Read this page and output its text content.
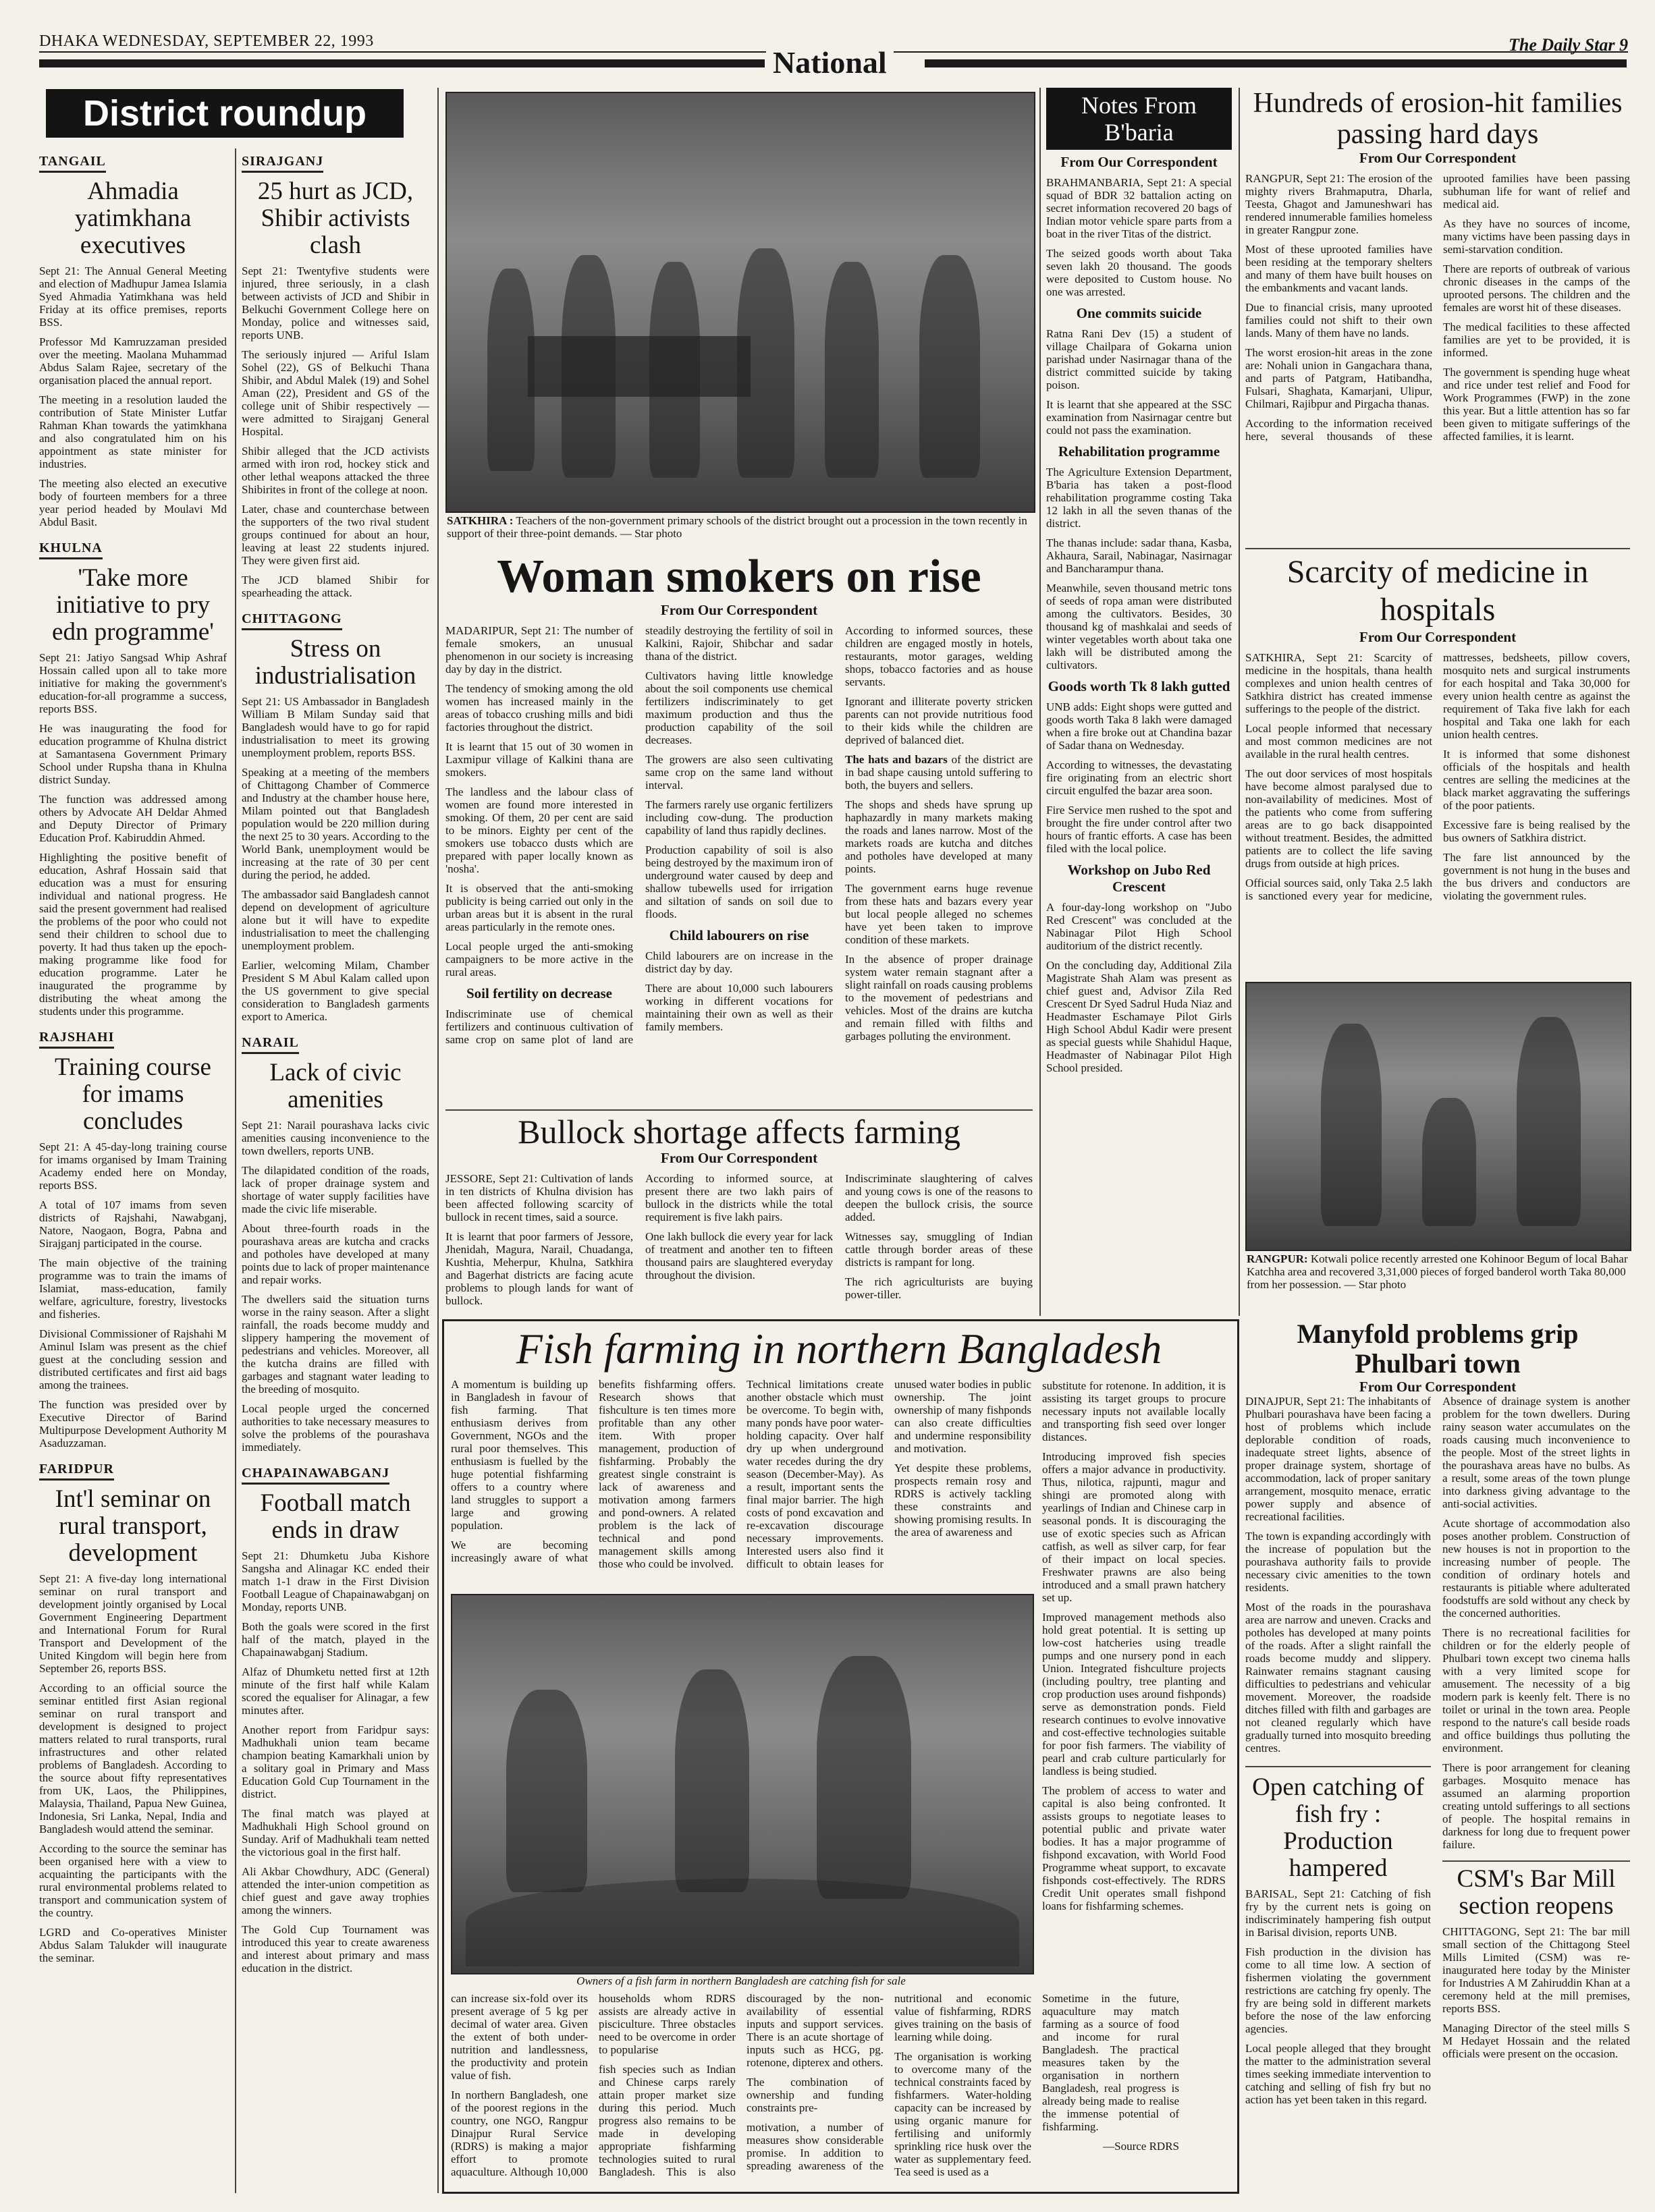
DHAKA WEDNESDAY, SEPTEMBER 22, 1993
National
The Daily Star 9
District roundup
TANGAIL
Ahmadia yatimkhana executives

Sept 21: The Annual General Meeting and election of Madhupur Jamea Islamia Syed Ahmadia Yatimkhana was held Friday at its office premises, reports BSS.

Professor Md Kamruzzaman presided over the meeting. Maolana Muhammad Abdus Salam Rajee, secretary of the organisation placed the annual report.

The meeting in a resolution lauded the contribution of State Minister Lutfar Rahman Khan towards the yatimkhana and also congratulated him on his appointment as state minister for industries.

The meeting also elected an executive body of fourteen members for a three year period headed by Moulavi Md Abdul Basit.

KHULNA
'Take more initiative to pry edn programme'

Sept 21: Jatiyo Sangsad Whip Ashraf Hossain called upon all to take more initiative for making the government's education-for-all programme a success, reports BSS.

He was inaugurating the food for education programme of Khulna district at Samantasena Government Primary School under Rupsha thana in Khulna district Sunday.

The function was addressed among others by Advocate AH Deldar Ahmed and Deputy Director of Primary Education Prof. Kabiruddin Ahmed.

Highlighting the positive benefit of education, Ashraf Hossain said that education was a must for ensuring individual and national progress. He said the present government had realised the problems of the poor who could not send their children to school due to poverty. It had thus taken up the epoch-making programme like food for education programme. Later he inaugurated the programme by distributing the wheat among the students under this programme.

RAJSHAHI
Training course for imams concludes

Sept 21: A 45-day-long training course for imams organised by Imam Training Academy ended here on Monday, reports BSS.

A total of 107 imams from seven districts of Rajshahi, Nawabganj, Natore, Naogaon, Bogra, Pabna and Sirajganj participated in the course.

The main objective of the training programme was to train the imams of Islamiat, mass-education, family welfare, agriculture, forestry, livestocks and fisheries.

Divisional Commissioner of Rajshahi M Aminul Islam was present as the chief guest at the concluding session and distributed certificates and first aid bags among the trainees.

The function was presided over by Executive Director of Barind Multipurpose Development Authority M Asaduzzaman.

FARIDPUR
Int'l seminar on rural transport, development

Sept 21: A five-day long international seminar on rural transport and development jointly organised by Local Government Engineering Department and International Forum for Rural Transport and Development of the United Kingdom will begin here from September 26, reports BSS.

According to an official source the seminar entitled first Asian regional seminar on rural transport and development is designed to project matters related to rural transports, rural infrastructures and other related problems of Bangladesh. According to the source about fifty representatives from UK, Laos, the Philippines, Malaysia, Thailand, Papua New Guinea, Indonesia, Sri Lanka, Nepal, India and Bangladesh would attend the seminar.

According to the source the seminar has been organised here with a view to acquainting the participants with the rural environmental problems related to transport and communication system of the country.

LGRD and Co-operatives Minister Abdus Salam Talukder will inaugurate the seminar.

SIRAJGANJ
25 hurt as JCD, Shibir activists clash

Sept 21: Twentyfive students were injured, three seriously, in a clash between activists of JCD and Shibir in Belkuchi Government College here on Monday, police and witnesses said, reports UNB.

The seriously injured — Ariful Islam Sohel (22), GS of Belkuchi Thana Shibir, and Abdul Malek (19) and Sohel Aman (22), President and GS of the college unit of Shibir respectively — were admitted to Sirajganj General Hospital.

Shibir alleged that the JCD activists armed with iron rod, hockey stick and other lethal weapons attacked the three Shibirites in front of the college at noon.

Later, chase and counterchase between the supporters of the two rival student groups continued for about an hour, leaving at least 22 students injured. They were given first aid.

The JCD blamed Shibir for spearheading the attack.

CHITTAGONG
Stress on industrialisation

Sept 21: US Ambassador in Bangladesh William B Milam Sunday said that Bangladesh would have to go for rapid industrialisation to meet its growing unemployment problem, reports BSS.

Speaking at a meeting of the members of Chittagong Chamber of Commerce and Industry at the chamber house here, Milam pointed out that Bangladesh population would be 220 million during the next 25 to 30 years. According to the World Bank, unemployment would be increasing at the rate of 30 per cent during the period, he added.

The ambassador said Bangladesh cannot depend on development of agriculture alone but it will have to expedite industrialisation to meet the challenging unemployment problem.

Earlier, welcoming Milam, Chamber President S M Abul Kalam called upon the US government to give special consideration to Bangladesh garments export to America.

NARAIL
Lack of civic amenities

Sept 21: Narail pourashava lacks civic amenities causing inconvenience to the town dwellers, reports UNB.

The dilapidated condition of the roads, lack of proper drainage system and shortage of water supply facilities have made the civic life miserable.

About three-fourth roads in the pourashava areas are kutcha and cracks and potholes have developed at many points due to lack of proper maintenance and repair works.

The dwellers said the situation turns worse in the rainy season. After a slight rainfall, the roads become muddy and slippery hampering the movement of pedestrians and vehicles. Moreover, all the kutcha drains are filled with garbages and stagnant water leading to the breeding of mosquito.

Local people urged the concerned authorities to take necessary measures to solve the problems of the pourashava immediately.

CHAPAINAWABGANJ
Football match ends in draw

Sept 21: Dhumketu Juba Kishore Sangsha and Alinagar KC ended their match 1-1 draw in the First Division Football League of Chapainawabganj on Monday, reports UNB.

Both the goals were scored in the first half of the match, played in the Chapainawabganj Stadium.

Alfaz of Dhumketu netted first at 12th minute of the first half while Kalam scored the equaliser for Alinagar, a few minutes after.

Another report from Faridpur says: Madhukhali union team became champion beating Kamarkhali union by a solitary goal in Primary and Mass Education Gold Cup Tournament in the district.

The final match was played at Madhukhali High School ground on Sunday. Arif of Madhukhali team netted the victorious goal in the first half.

Ali Akbar Chowdhury, ADC (General) attended the inter-union competition as chief guest and gave away trophies among the winners.

The Gold Cup Tournament was introduced this year to create awareness and interest about primary and mass education in the district.

SATKHIRA : Teachers of the non-government primary schools of the district brought out a procession in the town recently in support of their three-point demands. — Star photo
Woman smokers on rise
From Our Correspondent

MADARIPUR, Sept 21: The number of female smokers, an unusual phenomenon in our society is increasing day by day in the district.

The tendency of smoking among the old women has increased mainly in the areas of tobacco crushing mills and bidi factories throughout the district.

It is learnt that 15 out of 30 women in Laxmipur village of Kalkini thana are smokers.

The landless and the labour class of women are found more interested in smoking. Of them, 20 per cent are said to be minors. Eighty per cent of the smokers use tobacco dusts which are prepared with paper locally known as 'nosha'.

It is observed that the anti-smoking publicity is being carried out only in the urban areas but it is absent in the rural areas particularly in the remote ones.

Local people urged the anti-smoking campaigners to be more active in the rural areas.

Soil fertility on decrease

Indiscriminate use of chemical fertilizers and continuous cultivation of same crop on same plot of land are steadily destroying the fertility of soil in Kalkini, Rajoir, Shibchar and sadar thana of the district.

Cultivators having little knowledge about the soil components use chemical fertilizers indiscriminately to get maximum production and thus the production capability of the soil decreases.

The growers are also seen cultivating same crop on the same land without interval.

The farmers rarely use organic fertilizers including cow-dung. The production capability of land thus rapidly declines.

Production capability of soil is also being destroyed by the maximum iron of underground water caused by deep and shallow tubewells used for irrigation and siltation of sands on soil due to floods.

Child labourers on rise

Child labourers are on increase in the district day by day.

There are about 10,000 such labourers working in different vocations for maintaining their own as well as their family members.

According to informed sources, these children are engaged mostly in hotels, restaurants, motor garages, welding shops, tobacco factories and as house servants.

Ignorant and illiterate poverty stricken parents can not provide nutritious food to their kids while the children are deprived of balanced diet.

The hats and bazars of the district are in bad shape causing untold suffering to both, the buyers and sellers.

The shops and sheds have sprung up haphazardly in many markets making the roads and lanes narrow. Most of the markets roads are kutcha and ditches and potholes have developed at many points.

The government earns huge revenue from these hats and bazars every year but local people alleged no schemes have yet been taken to improve condition of these markets.

In the absence of proper drainage system water remain stagnant after a slight rainfall on roads causing problems to the movement of pedestrians and vehicles. Most of the drains are kutcha and remain filled with filths and garbages polluting the environment.

Bullock shortage affects farming
From Our Correspondent

JESSORE, Sept 21: Cultivation of lands in ten districts of Khulna division has been affected following scarcity of bullock in recent times, said a source.

It is learnt that poor farmers of Jessore, Jhenidah, Magura, Narail, Chuadanga, Kushtia, Meherpur, Khulna, Satkhira and Bagerhat districts are facing acute problems to plough lands for want of bullock.

According to informed source, at present there are two lakh pairs of bullock in the districts while the total requirement is five lakh pairs.

One lakh bullock die every year for lack of treatment and another ten to fifteen thousand pairs are slaughtered everyday throughout the division.

Indiscriminate slaughtering of calves and young cows is one of the reasons to deepen the bullock crisis, the source added.

Witnesses say, smuggling of Indian cattle through border areas of these districts is rampant for long.

The rich agriculturists are buying power-tiller.

Notes From B'baria
From Our Correspondent

BRAHMANBARIA, Sept 21: A special squad of BDR 32 battalion acting on secret information recovered 20 bags of Indian motor vehicle spare parts from a boat in the river Titas of the district.

The seized goods worth about Taka seven lakh 20 thousand. The goods were deposited to Custom house. No one was arrested.

One commits suicide

Ratna Rani Dev (15) a student of village Chailpara of Gokarna union parishad under Nasirnagar thana of the district committed suicide by taking poison.

It is learnt that she appeared at the SSC examination from Nasirnagar centre but could not pass the examination.

Rehabilitation programme

The Agriculture Extension Department, B'baria has taken a post-flood rehabilitation programme costing Taka 12 lakh in all the seven thanas of the district.

The thanas include: sadar thana, Kasba, Akhaura, Sarail, Nabinagar, Nasirnagar and Bancharampur thana.

Meanwhile, seven thousand metric tons of seeds of ropa aman were distributed among the cultivators. Besides, 30 thousand kg of mashkalai and seeds of winter vegetables worth about taka one lakh will be distributed among the cultivators.

Goods worth Tk 8 lakh gutted

UNB adds: Eight shops were gutted and goods worth Taka 8 lakh were damaged when a fire broke out at Chandina bazar of Sadar thana on Wednesday.

According to witnesses, the devastating fire originating from an electric short circuit engulfed the bazar area soon.

Fire Service men rushed to the spot and brought the fire under control after two hours of frantic efforts. A case has been filed with the local police.

Workshop on Jubo Red Crescent

A four-day-long workshop on "Jubo Red Crescent" was concluded at the Nabinagar Pilot High School auditorium of the district recently.

On the concluding day, Additional Zila Magistrate Shah Alam was present as chief guest and, Advisor Zila Red Crescent Dr Syed Sadrul Huda Niaz and Headmaster Eschamaye Pilot Girls High School Abdul Kadir were present as special guests while Shahidul Haque, Headmaster of Nabinagar Pilot High School presided.

Hundreds of erosion-hit families passing hard days
From Our Correspondent

RANGPUR, Sept 21: The erosion of the mighty rivers Brahmaputra, Dharla, Teesta, Ghagot and Jamuneshwari has rendered innumerable families homeless in greater Rangpur zone.

Most of these uprooted families have been residing at the temporary shelters and many of them have built houses on the embankments and vacant lands.

Due to financial crisis, many uprooted families could not shift to their own lands. Many of them have no lands.

The worst erosion-hit areas in the zone are: Nohali union in Gangachara thana, and parts of Patgram, Hatibandha, Fulsari, Shaghata, Kamarjani, Ulipur, Chilmari, Rajibpur and Pirgacha thanas.

According to the information received here, several thousands of these uprooted families have been passing subhuman life for want of relief and medical aid.

As they have no sources of income, many victims have been passing days in semi-starvation condition.

There are reports of outbreak of various chronic diseases in the camps of the uprooted persons. The children and the females are worst hit of these diseases.

The medical facilities to these affected families are yet to be provided, it is informed.

The government is spending huge wheat and rice under test relief and Food for Work Programmes (FWP) in the zone this year. But a little attention has so far been given to mitigate sufferings of the affected families, it is learnt.

Scarcity of medicine in hospitals
From Our Correspondent

SATKHIRA, Sept 21: Scarcity of medicine in the hospitals, thana health complexes and union health centres of Satkhira district has created immense sufferings to the people of the district.

Local people informed that necessary and most common medicines are not available in the rural health centres.

The out door services of most hospitals have become almost paralysed due to non-availability of medicines. Most of the patients who come from suffering areas are to go back disappointed without treatment. Besides, the admitted patients are to collect the life saving drugs from outside at high prices.

Official sources said, only Taka 2.5 lakh is sanctioned every year for medicine, mattresses, bedsheets, pillow covers, mosquito nets and surgical instruments for each hospital and Taka 30,000 for every union health centre as against the requirement of Taka five lakh for each hospital and Taka one lakh for each union health centres.

It is informed that some dishonest officials of the hospitals and health centres are selling the medicines at the black market aggravating the sufferings of the poor patients.

Excessive fare is being realised by the bus owners of Satkhira district.

The fare list announced by the government is not hung in the buses and the bus drivers and conductors are violating the government rules.

RANGPUR: Kotwali police recently arrested one Kohinoor Begum of local Bahar Katchha area and recovered 3,31,000 pieces of forged banderol worth Taka 80,000 from her possession. — Star photo
Fish farming in northern Bangladesh

A momentum is building up in Bangladesh in favour of fish farming. That enthusiasm derives from Government, NGOs and the rural poor themselves. This enthusiasm is fuelled by the huge potential fishfarming offers to a country where land struggles to support a large and growing population.

We are becoming increasingly aware of what benefits fishfarming offers. Research shows that fishculture is ten times more profitable than any other item. With proper management, production of fishfarming. Probably the greatest single constraint is lack of awareness and motivation among farmers and pond-owners. A related problem is the lack of technical and pond management skills among those who could be involved.

Technical limitations create another obstacle which must be overcome. To begin with, many ponds have poor water-holding capacity. Over half dry up when underground water recedes during the dry season (December-May). As a result, important sents the final major barrier. The high costs of pond excavation and re-excavation discourage necessary improvements. Interested users also find it difficult to obtain leases for unused water bodies in public ownership. The joint ownership of many fishponds can also create difficulties and undermine responsibility and motivation.

Yet despite these problems, prospects remain rosy and RDRS is actively tackling these constraints and showing promising results. In the area of awareness and

substitute for rotenone. In addition, it is assisting its target groups to procure necessary inputs not available locally and transporting fish seed over longer distances.

Introducing improved fish species offers a major advance in productivity. Thus, nilotica, rajpunti, magur and shingi are promoted along with yearlings of Indian and Chinese carp in seasonal ponds. It is discouraging the use of exotic species such as African catfish, as well as silver carp, for fear of their impact on local species. Freshwater prawns are also being introduced and a small prawn hatchery set up.

Improved management methods also hold great potential. It is setting up low-cost hatcheries using treadle pumps and one nursery pond in each Union. Integrated fishculture projects (including poultry, tree planting and crop production uses around fishponds) serve as demonstration ponds. Field research continues to evolve innovative and cost-effective technologies suitable for poor fish farmers. The viability of pearl and crab culture particularly for landless is being studied.

The problem of access to water and capital is also being confronted. It assists groups to negotiate leases to potential public and private water bodies. It has a major programme of fishpond excavation, with World Food Programme wheat support, to excavate fishponds cost-effectively. The RDRS Credit Unit operates small fishpond loans for fishfarming schemes.

Owners of a fish farm in northern Bangladesh are catching fish for sale

can increase six-fold over its present average of 5 kg per decimal of water area. Given the extent of both under-nutrition and landlessness, the productivity and protein value of fish.

In northern Bangladesh, one of the poorest regions in the country, one NGO, Rangpur Dinajpur Rural Service (RDRS) is making a major effort to promote aquaculture. Although 10,000 households whom RDRS assists are already active in pisciculture. Three obstacles need to be overcome in order to popularise

fish species such as Indian and Chinese carps rarely attain proper market size during this period. Much progress also remains to be made in developing appropriate fishfarming technologies suited to rural Bangladesh. This is also discouraged by the non-availability of essential inputs and support services. There is an acute shortage of inputs such as HCG, pg. rotenone, dipterex and others.

The combination of ownership and funding constraints pre-

motivation, a number of measures show considerable promise. In addition to spreading awareness of the nutritional and economic value of fishfarming, RDRS gives training on the basis of learning while doing.

The organisation is working to overcome many of the technical constraints faced by fishfarmers. Water-holding capacity can be increased by using organic manure for fertilising and uniformly sprinkling rice husk over the water as supplementary feed. Tea seed is used as a

Sometime in the future, aquaculture may match farming as a source of food and income for rural Bangladesh. The practical measures taken by the organisation in northern Bangladesh, real progress is already being made to realise the immense potential of fishfarming.

—Source RDRS

Manyfold problems grip Phulbari town
From Our Correspondent

DINAJPUR, Sept 21: The inhabitants of Phulbari pourashava have been facing a host of problems which include deplorable condition of roads, inadequate street lights, absence of proper drainage system, shortage of accommodation, lack of proper sanitary arrangement, mosquito menace, erratic power supply and absence of recreational facilities.

The town is expanding accordingly with the increase of population but the pourashava authority fails to provide necessary civic amenities to the town residents.

Most of the roads in the pourashava area are narrow and uneven. Cracks and potholes has developed at many points of the roads. After a slight rainfall the roads become muddy and slippery. Rainwater remains stagnant causing difficulties to pedestrians and vehicular movement. Moreover, the roadside ditches filled with filth and garbages are not cleaned regularly which have gradually turned into mosquito breeding centres.

Absence of drainage system is another problem for the town dwellers. During rainy season water accumulates on the roads causing much inconvenience to the people. Most of the street lights in the pourashava areas have no bulbs. As a result, some areas of the town plunge into darkness giving advantage to the anti-social activities.

Acute shortage of accommodation also poses another problem. Construction of new houses is not in proportion to the increasing number of people. The condition of ordinary hotels and restaurants is pitiable where adulterated foodstuffs are sold without any check by the concerned authorities.

There is no recreational facilities for children or for the elderly people of Phulbari town except two cinema halls with a very limited scope for amusement. The necessity of a big modern park is keenly felt. There is no toilet or urinal in the town area. People respond to the nature's call beside roads and office buildings thus polluting the environment.

There is poor arrangement for cleaning garbages. Mosquito menace has assumed an alarming proportion creating untold sufferings to all sections of people. The hospital remains in darkness for long due to frequent power failure.

CSM's Bar Mill section reopens

CHITTAGONG, Sept 21: The bar mill small section of the Chittagong Steel Mills Limited (CSM) was re-inaugurated here today by the Minister for Industries A M Zahiruddin Khan at a ceremony held at the mill premises, reports BSS.

Managing Director of the steel mills S M Hedayet Hossain and the related officials were present on the occasion.

Open catching of fish fry : Production hampered

BARISAL, Sept 21: Catching of fish fry by the current nets is going on indiscriminately hampering fish output in Barisal division, reports UNB.

Fish production in the division has come to all time low. A section of fishermen violating the government restrictions are catching fry openly. The fry are being sold in different markets before the nose of the law enforcing agencies.

Local people alleged that they brought the matter to the administration several times seeking immediate intervention to catching and selling of fish fry but no action has yet been taken in this regard.
